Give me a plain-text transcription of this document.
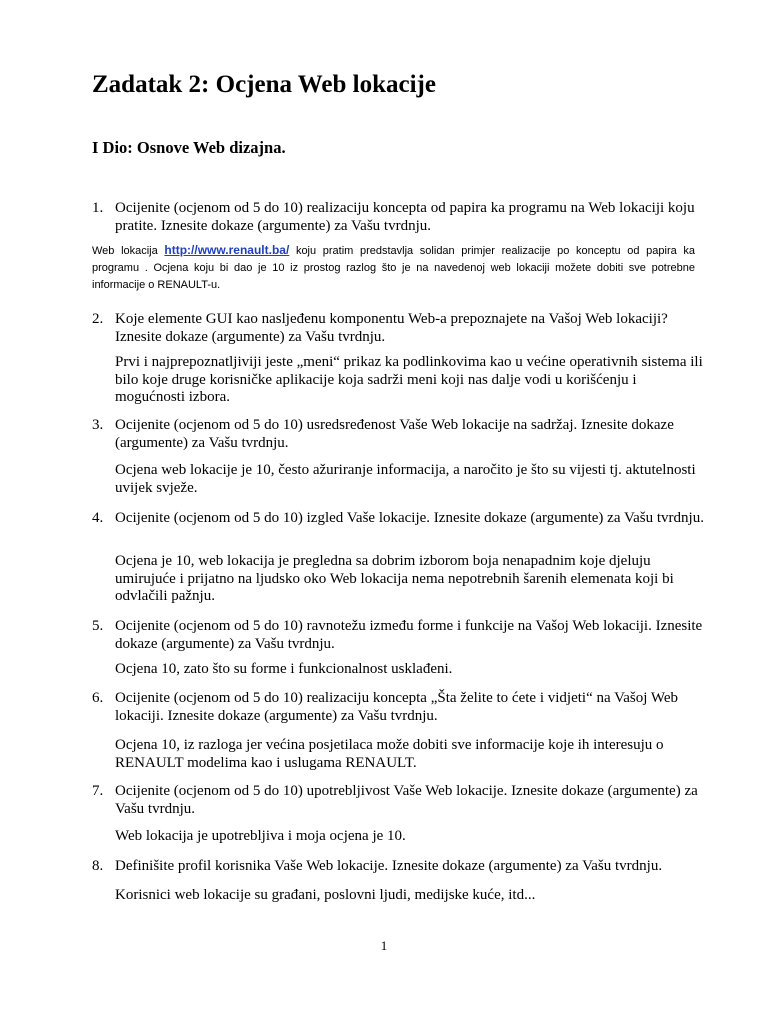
Zadatak 2: Ocjena Web lokacije
I Dio: Osnove Web dizajna.
1. Ocijenite (ocjenom od 5 do 10) realizaciju koncepta od papira ka programu na Web lokaciji koju pratite. Iznesite dokaze (argumente) za Vašu tvrdnju.

Web lokacija http://www.renault.ba/ koju pratim predstavlja solidan primjer realizacije po konceptu od papira ka programu . Ocjena koju bi dao je 10 iz prostog razlog što je na navedenoj web lokaciji možete dobiti sve potrebne informacije o RENAULT-u.

2. Koje elemente GUI kao nasljeđenu komponentu Web-a prepoznajete na Vašoj Web lokaciji? Iznesite dokaze (argumente) za Vašu tvrdnju.

Prvi i najprepoznatljiviji jeste „meni“ prikaz ka podlinkovima kao u većine operativnih sistema ili bilo koje druge korisničke aplikacije koja sadrži meni koji nas dalje vodi u korišćenju i mogućnosti izbora.

3. Ocijenite (ocjenom od 5 do 10) usredsređenost Vaše Web lokacije na sadržaj. Iznesite dokaze (argumente) za Vašu tvrdnju.

Ocjena web lokacije je 10, često ažuriranje informacija, a naročito je što su vijesti tj. aktutelnosti uvijek svježe.

4. Ocijenite (ocjenom od 5 do 10) izgled Vaše lokacije. Iznesite dokaze (argumente) za Vašu tvrdnju.

Ocjena je 10, web lokacija je pregledna sa dobrim izborom boja nenapadnim koje djeluju umirujuće i prijatno na ljudsko oko Web lokacija nema nepotrebnih šarenih elemenata koji bi odvlačili pažnju.

5. Ocijenite (ocjenom od 5 do 10) ravnotežu između forme i funkcije na Vašoj Web lokaciji. Iznesite dokaze (argumente) za Vašu tvrdnju.

Ocjena 10, zato što su forme i funkcionalnost usklađeni.

6. Ocijenite (ocjenom od 5 do 10) realizaciju koncepta „Šta želite to ćete i vidjeti“ na Vašoj Web lokaciji. Iznesite dokaze (argumente) za Vašu tvrdnju.

Ocjena 10, iz razloga jer većina posjetilaca može dobiti sve informacije koje ih interesuju o RENAULT modelima kao i uslugama RENAULT.

7. Ocijenite (ocjenom od 5 do 10) upotrebljivost Vaše Web lokacije. Iznesite dokaze (argumente) za Vašu tvrdnju.

Web lokacija je upotrebljiva i moja ocjena je 10.

8. Definišite profil korisnika Vaše Web lokacije. Iznesite dokaze (argumente) za Vašu tvrdnju.

Korisnici web lokacije su građani, poslovni ljudi, medijske kuće, itd...

1
